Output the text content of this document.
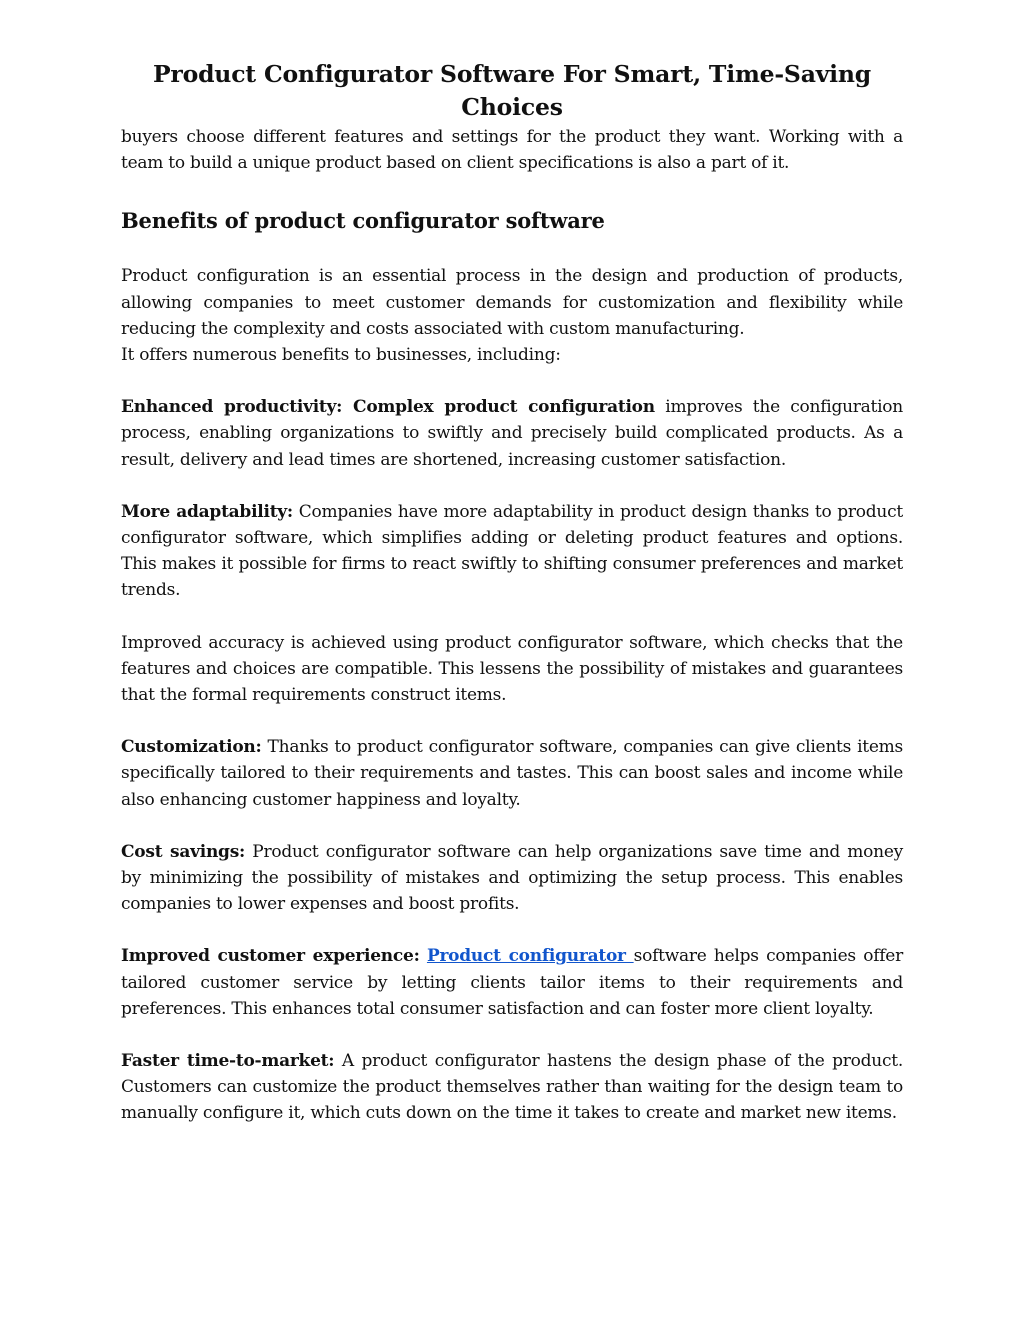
Product Configurator Software For Smart, Time-Saving Choices

buyers choose different features and settings for the product they want. Working with a team to build a unique product based on client specifications is also a part of it.

Benefits of product configurator software

Product configuration is an essential process in the design and production of products, allowing companies to meet customer demands for customization and flexibility while reducing the complexity and costs associated with custom manufacturing.
It offers numerous benefits to businesses, including:

Enhanced productivity: Complex product configuration improves the configuration process, enabling organizations to swiftly and precisely build complicated products. As a result, delivery and lead times are shortened, increasing customer satisfaction.

More adaptability: Companies have more adaptability in product design thanks to product configurator software, which simplifies adding or deleting product features and options. This makes it possible for firms to react swiftly to shifting consumer preferences and market trends.

Improved accuracy is achieved using product configurator software, which checks that the features and choices are compatible. This lessens the possibility of mistakes and guarantees that the formal requirements construct items.

Customization: Thanks to product configurator software, companies can give clients items specifically tailored to their requirements and tastes. This can boost sales and income while also enhancing customer happiness and loyalty.

Cost savings: Product configurator software can help organizations save time and money by minimizing the possibility of mistakes and optimizing the setup process. This enables companies to lower expenses and boost profits.

Improved customer experience: Product configurator software helps companies offer tailored customer service by letting clients tailor items to their requirements and preferences. This enhances total consumer satisfaction and can foster more client loyalty.

Faster time-to-market: A product configurator hastens the design phase of the product. Customers can customize the product themselves rather than waiting for the design team to manually configure it, which cuts down on the time it takes to create and market new items.
